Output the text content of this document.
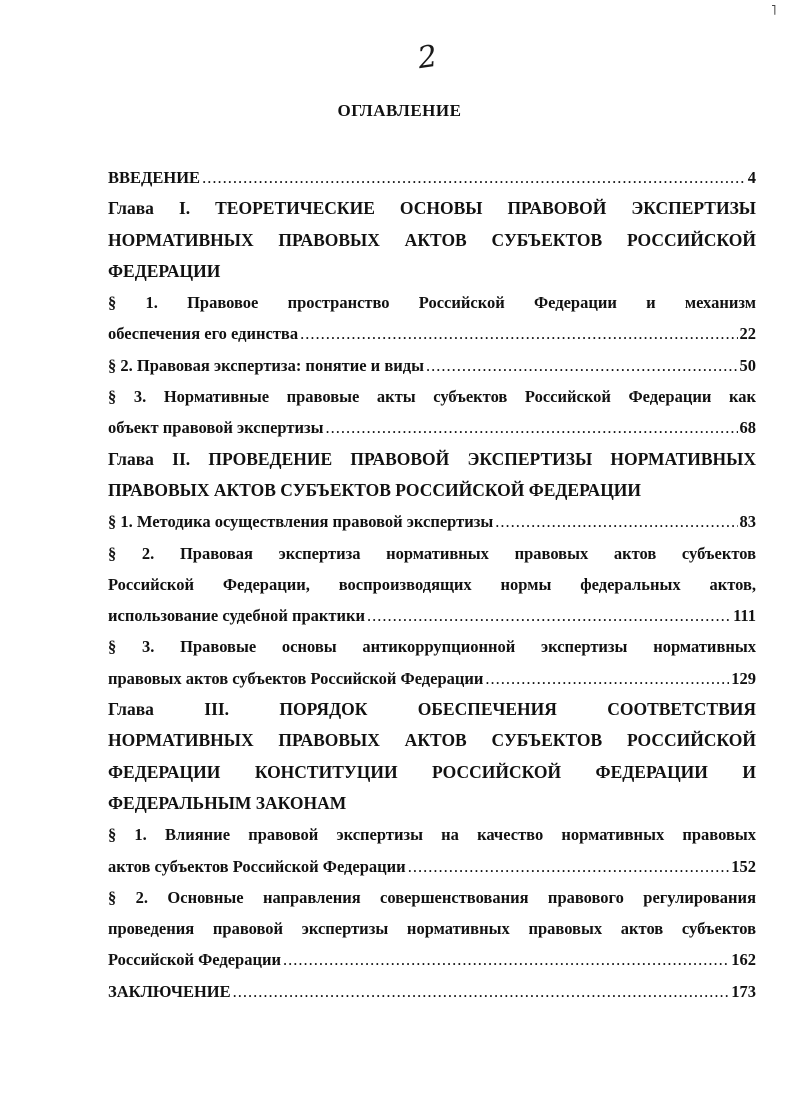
2
˥
ОГЛАВЛЕНИЕ

ВВЕДЕНИЕ .....	4

Глава I. ТЕОРЕТИЧЕСКИЕ ОСНОВЫ ПРАВОВОЙ ЭКСПЕРТИЗЫ

НОРМАТИВНЫХ ПРАВОВЫХ АКТОВ СУБЪЕКТОВ РОССИЙСКОЙ

ФЕДЕРАЦИИ

§ 1. Правовое пространство Российской Федерации и механизм

обеспечения его единства .....	22

§ 2. Правовая экспертиза: понятие и виды .....	50

§ 3. Нормативные правовые акты субъектов Российской Федерации как

объект правовой экспертизы .....	68

Глава II. ПРОВЕДЕНИЕ ПРАВОВОЙ ЭКСПЕРТИЗЫ НОРМАТИВНЫХ

ПРАВОВЫХ АКТОВ СУБЪЕКТОВ РОССИЙСКОЙ ФЕДЕРАЦИИ

§ 1. Методика осуществления правовой экспертизы .....	83

§ 2. Правовая экспертиза нормативных правовых актов субъектов

Российской Федерации, воспроизводящих нормы федеральных актов,

использование судебной практики .....	111

§ 3. Правовые основы антикоррупционной экспертизы нормативных

правовых актов субъектов Российской Федерации .....	129

Глава III. ПОРЯДОК ОБЕСПЕЧЕНИЯ СООТВЕТСТВИЯ

НОРМАТИВНЫХ ПРАВОВЫХ АКТОВ СУБЪЕКТОВ РОССИЙСКОЙ

ФЕДЕРАЦИИ КОНСТИТУЦИИ РОССИЙСКОЙ ФЕДЕРАЦИИ И

ФЕДЕРАЛЬНЫМ ЗАКОНАМ

§ 1. Влияние правовой экспертизы на качество нормативных правовых

актов субъектов Российской Федерации .....	152

§ 2. Основные направления совершенствования правового регулирования

проведения правовой экспертизы нормативных правовых актов субъектов

Российской Федерации .....	162

ЗАКЛЮЧЕНИЕ .....	173
